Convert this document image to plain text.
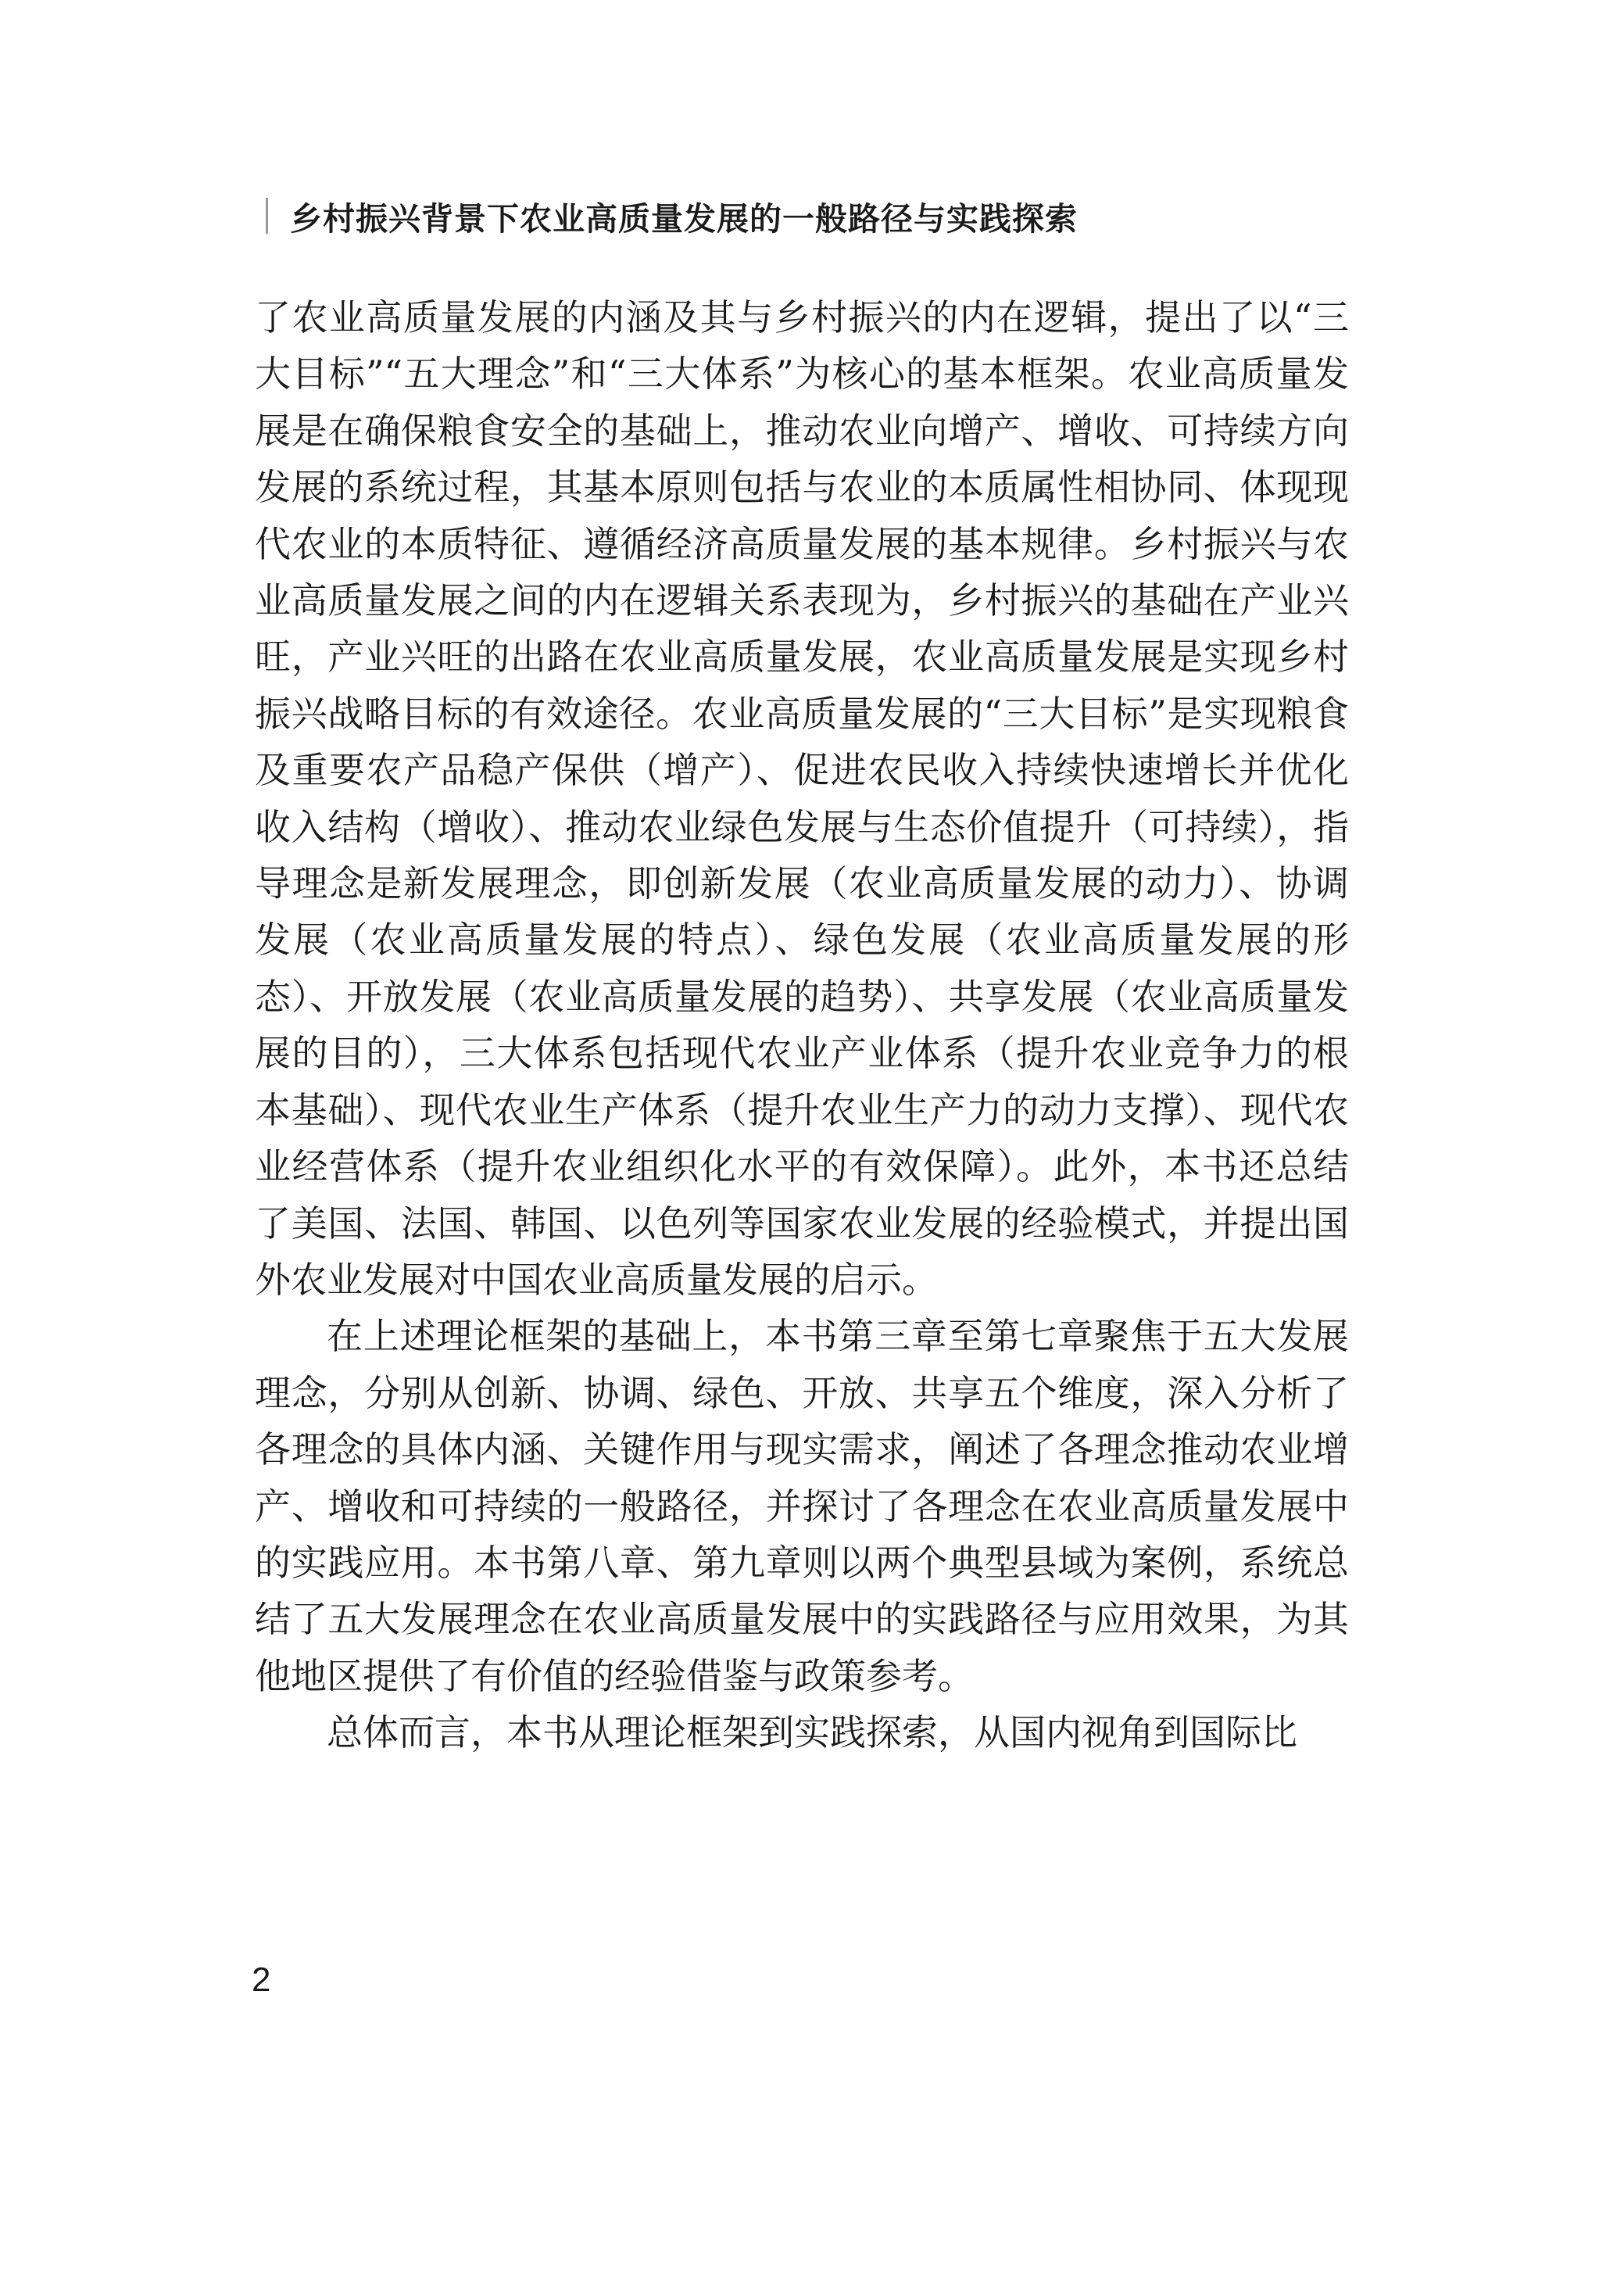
乡村振兴背景下农业高质量发展的一般路径与实践探索

了农业高质量发展的内涵及其与乡村振兴的内在逻辑，提出了以“三大目标”“五大理念”和“三大体系”为核心的基本框架。农业高质量发展是在确保粮食安全的基础上，推动农业向增产、增收、可持续方向发展的系统过程，其基本原则包括与农业的本质属性相协同、体现现代农业的本质特征、遵循经济高质量发展的基本规律。乡村振兴与农业高质量发展之间的内在逻辑关系表现为，乡村振兴的基础在产业兴旺，产业兴旺的出路在农业高质量发展，农业高质量发展是实现乡村振兴战略目标的有效途径。农业高质量发展的“三大目标”是实现粮食及重要农产品稳产保供（增产）、促进农民收入持续快速增长并优化收入结构（增收）、推动农业绿色发展与生态价值提升（可持续），指导理念是新发展理念，即创新发展（农业高质量发展的动力）、协调发展（农业高质量发展的特点）、绿色发展（农业高质量发展的形态）、开放发展（农业高质量发展的趋势）、共享发展（农业高质量发展的目的），三大体系包括现代农业产业体系（提升农业竞争力的根本基础）、现代农业生产体系（提升农业生产力的动力支撑）、现代农业经营体系（提升农业组织化水平的有效保障）。此外，本书还总结了美国、法国、韩国、以色列等国家农业发展的经验模式，并提出国外农业发展对中国农业高质量发展的启示。

在上述理论框架的基础上，本书第三章至第七章聚焦于五大发展理念，分别从创新、协调、绿色、开放、共享五个维度，深入分析了各理念的具体内涵、关键作用与现实需求，阐述了各理念推动农业增产、增收和可持续的一般路径，并探讨了各理念在农业高质量发展中的实践应用。本书第八章、第九章则以两个典型县域为案例，系统总结了五大发展理念在农业高质量发展中的实践路径与应用效果，为其他地区提供了有价值的经验借鉴与政策参考。

总体而言，本书从理论框架到实践探索，从国内视角到国际比

2
